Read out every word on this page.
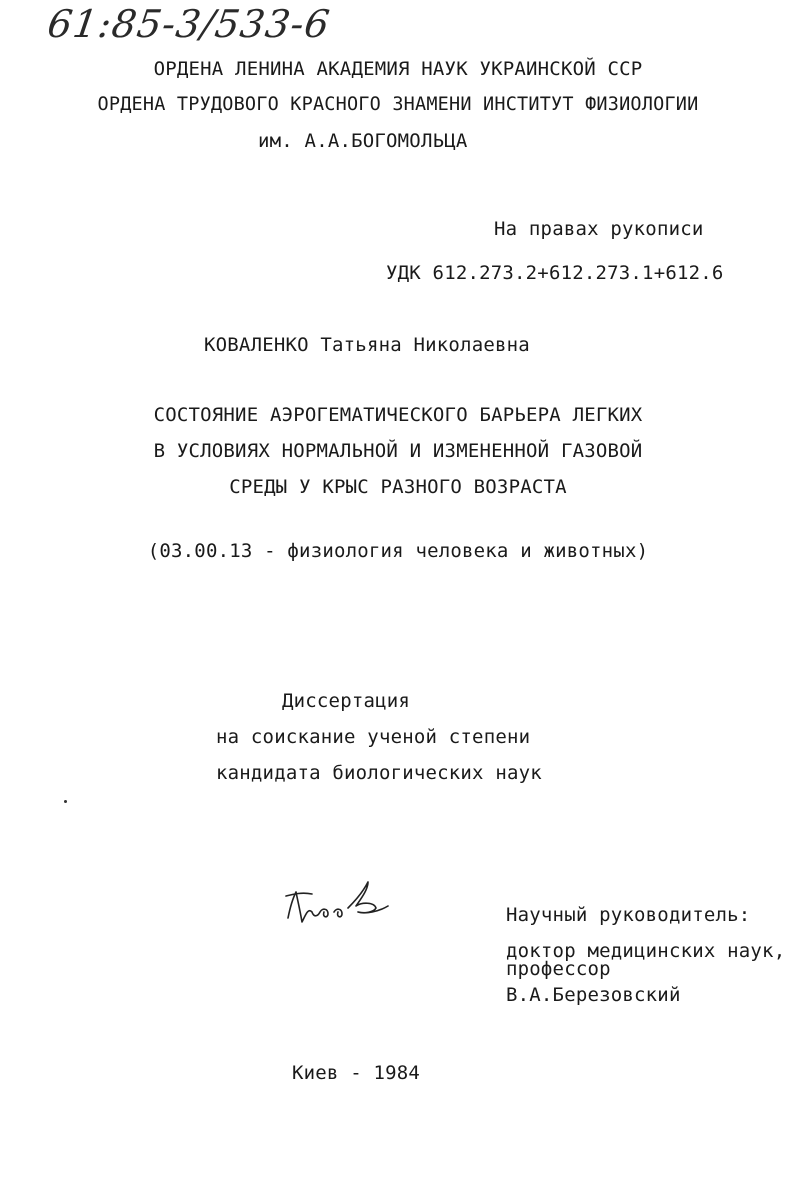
61:85-3/533-6
ОРДЕНА ЛЕНИНА АКАДЕМИЯ НАУК УКРАИНСКОЙ ССР
ОРДЕНА ТРУДОВОГО КРАСНОГО ЗНАМЕНИ ИНСТИТУТ ФИЗИОЛОГИИ
им. А.А.БОГОМОЛЬЦА
На правах рукописи
УДК 612.273.2+612.273.1+612.6
КОВАЛЕНКО Татьяна Николаевна
СОСТОЯНИЕ АЭРОГЕМАТИЧЕСКОГО БАРЬЕРА ЛЕГКИХ
В УСЛОВИЯХ НОРМАЛЬНОЙ И ИЗМЕНЕННОЙ ГАЗОВОЙ
СРЕДЫ У КРЫС РАЗНОГО ВОЗРАСТА
(03.00.13 - физиология человека и животных)
Диссертация
на соискание ученой степени
кандидата биологических наук
Научный руководитель:
доктор медицинских наук,
профессор
В.А.Березовский
Киев - 1984
